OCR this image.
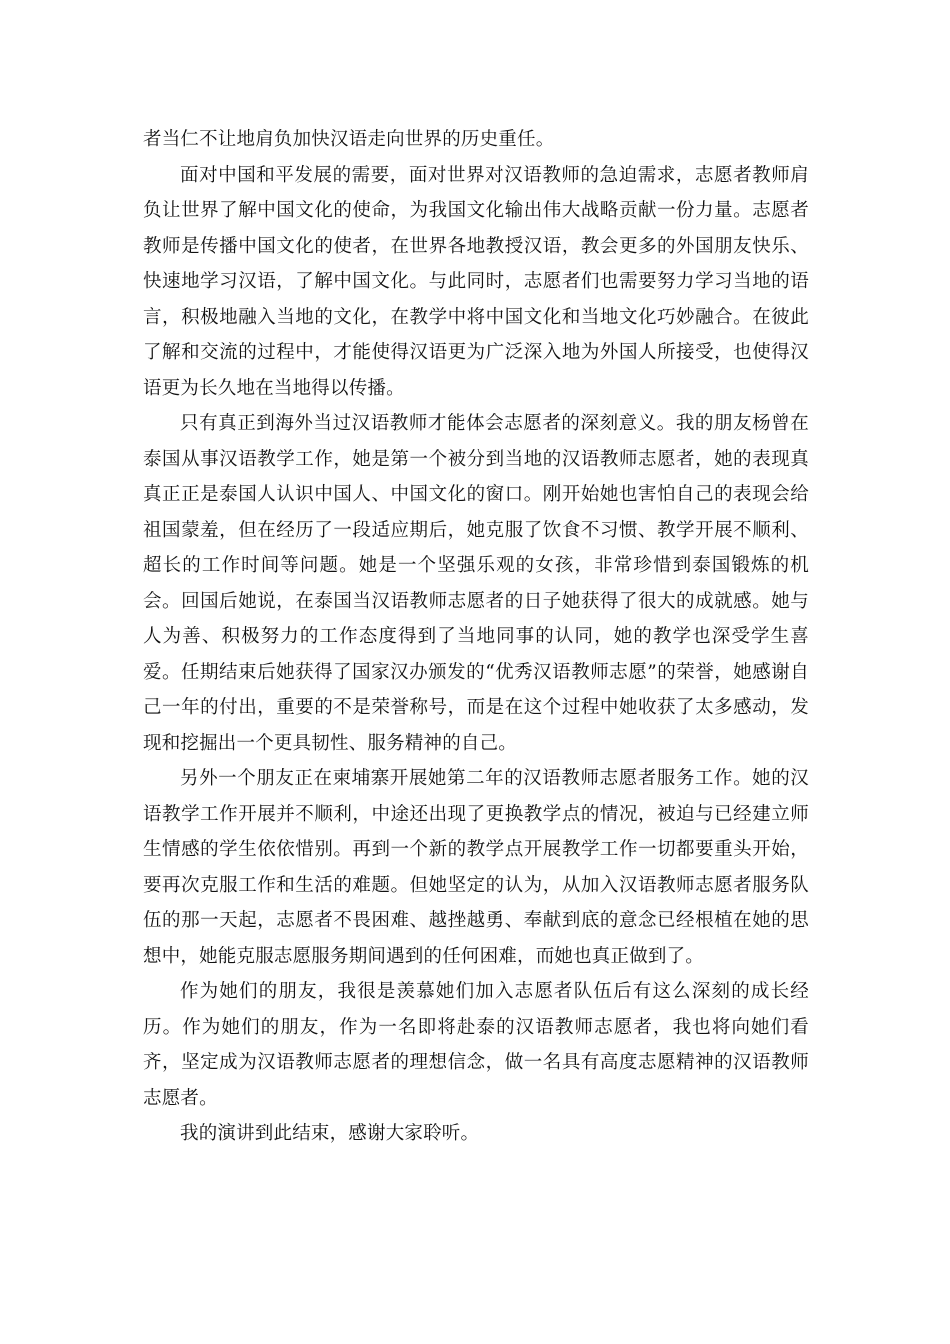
者当仁不让地肩负加快汉语走向世界的历史重任。

面对中国和平发展的需要，面对世界对汉语教师的急迫需求，志愿者教师肩负让世界了解中国文化的使命，为我国文化输出伟大战略贡献一份力量。志愿者教师是传播中国文化的使者，在世界各地教授汉语，教会更多的外国朋友快乐、快速地学习汉语，了解中国文化。与此同时，志愿者们也需要努力学习当地的语言，积极地融入当地的文化，在教学中将中国文化和当地文化巧妙融合。在彼此了解和交流的过程中，才能使得汉语更为广泛深入地为外国人所接受，也使得汉语更为长久地在当地得以传播。

只有真正到海外当过汉语教师才能体会志愿者的深刻意义。我的朋友杨曾在泰国从事汉语教学工作，她是第一个被分到当地的汉语教师志愿者，她的表现真真正正是泰国人认识中国人、中国文化的窗口。刚开始她也害怕自己的表现会给祖国蒙羞，但在经历了一段适应期后，她克服了饮食不习惯、教学开展不顺利、超长的工作时间等问题。她是一个坚强乐观的女孩，非常珍惜到泰国锻炼的机会。回国后她说，在泰国当汉语教师志愿者的日子她获得了很大的成就感。她与人为善、积极努力的工作态度得到了当地同事的认同，她的教学也深受学生喜爱。任期结束后她获得了国家汉办颁发的“优秀汉语教师志愿”的荣誉，她感谢自己一年的付出，重要的不是荣誉称号，而是在这个过程中她收获了太多感动，发现和挖掘出一个更具韧性、服务精神的自己。

另外一个朋友正在柬埔寨开展她第二年的汉语教师志愿者服务工作。她的汉语教学工作开展并不顺利，中途还出现了更换教学点的情况，被迫与已经建立师生情感的学生依依惜别。再到一个新的教学点开展教学工作一切都要重头开始，要再次克服工作和生活的难题。但她坚定的认为，从加入汉语教师志愿者服务队伍的那一天起，志愿者不畏困难、越挫越勇、奉献到底的意念已经根植在她的思想中，她能克服志愿服务期间遇到的任何困难，而她也真正做到了。

作为她们的朋友，我很是羡慕她们加入志愿者队伍后有这么深刻的成长经历。作为她们的朋友，作为一名即将赴泰的汉语教师志愿者，我也将向她们看齐，坚定成为汉语教师志愿者的理想信念，做一名具有高度志愿精神的汉语教师志愿者。

我的演讲到此结束，感谢大家聆听。
